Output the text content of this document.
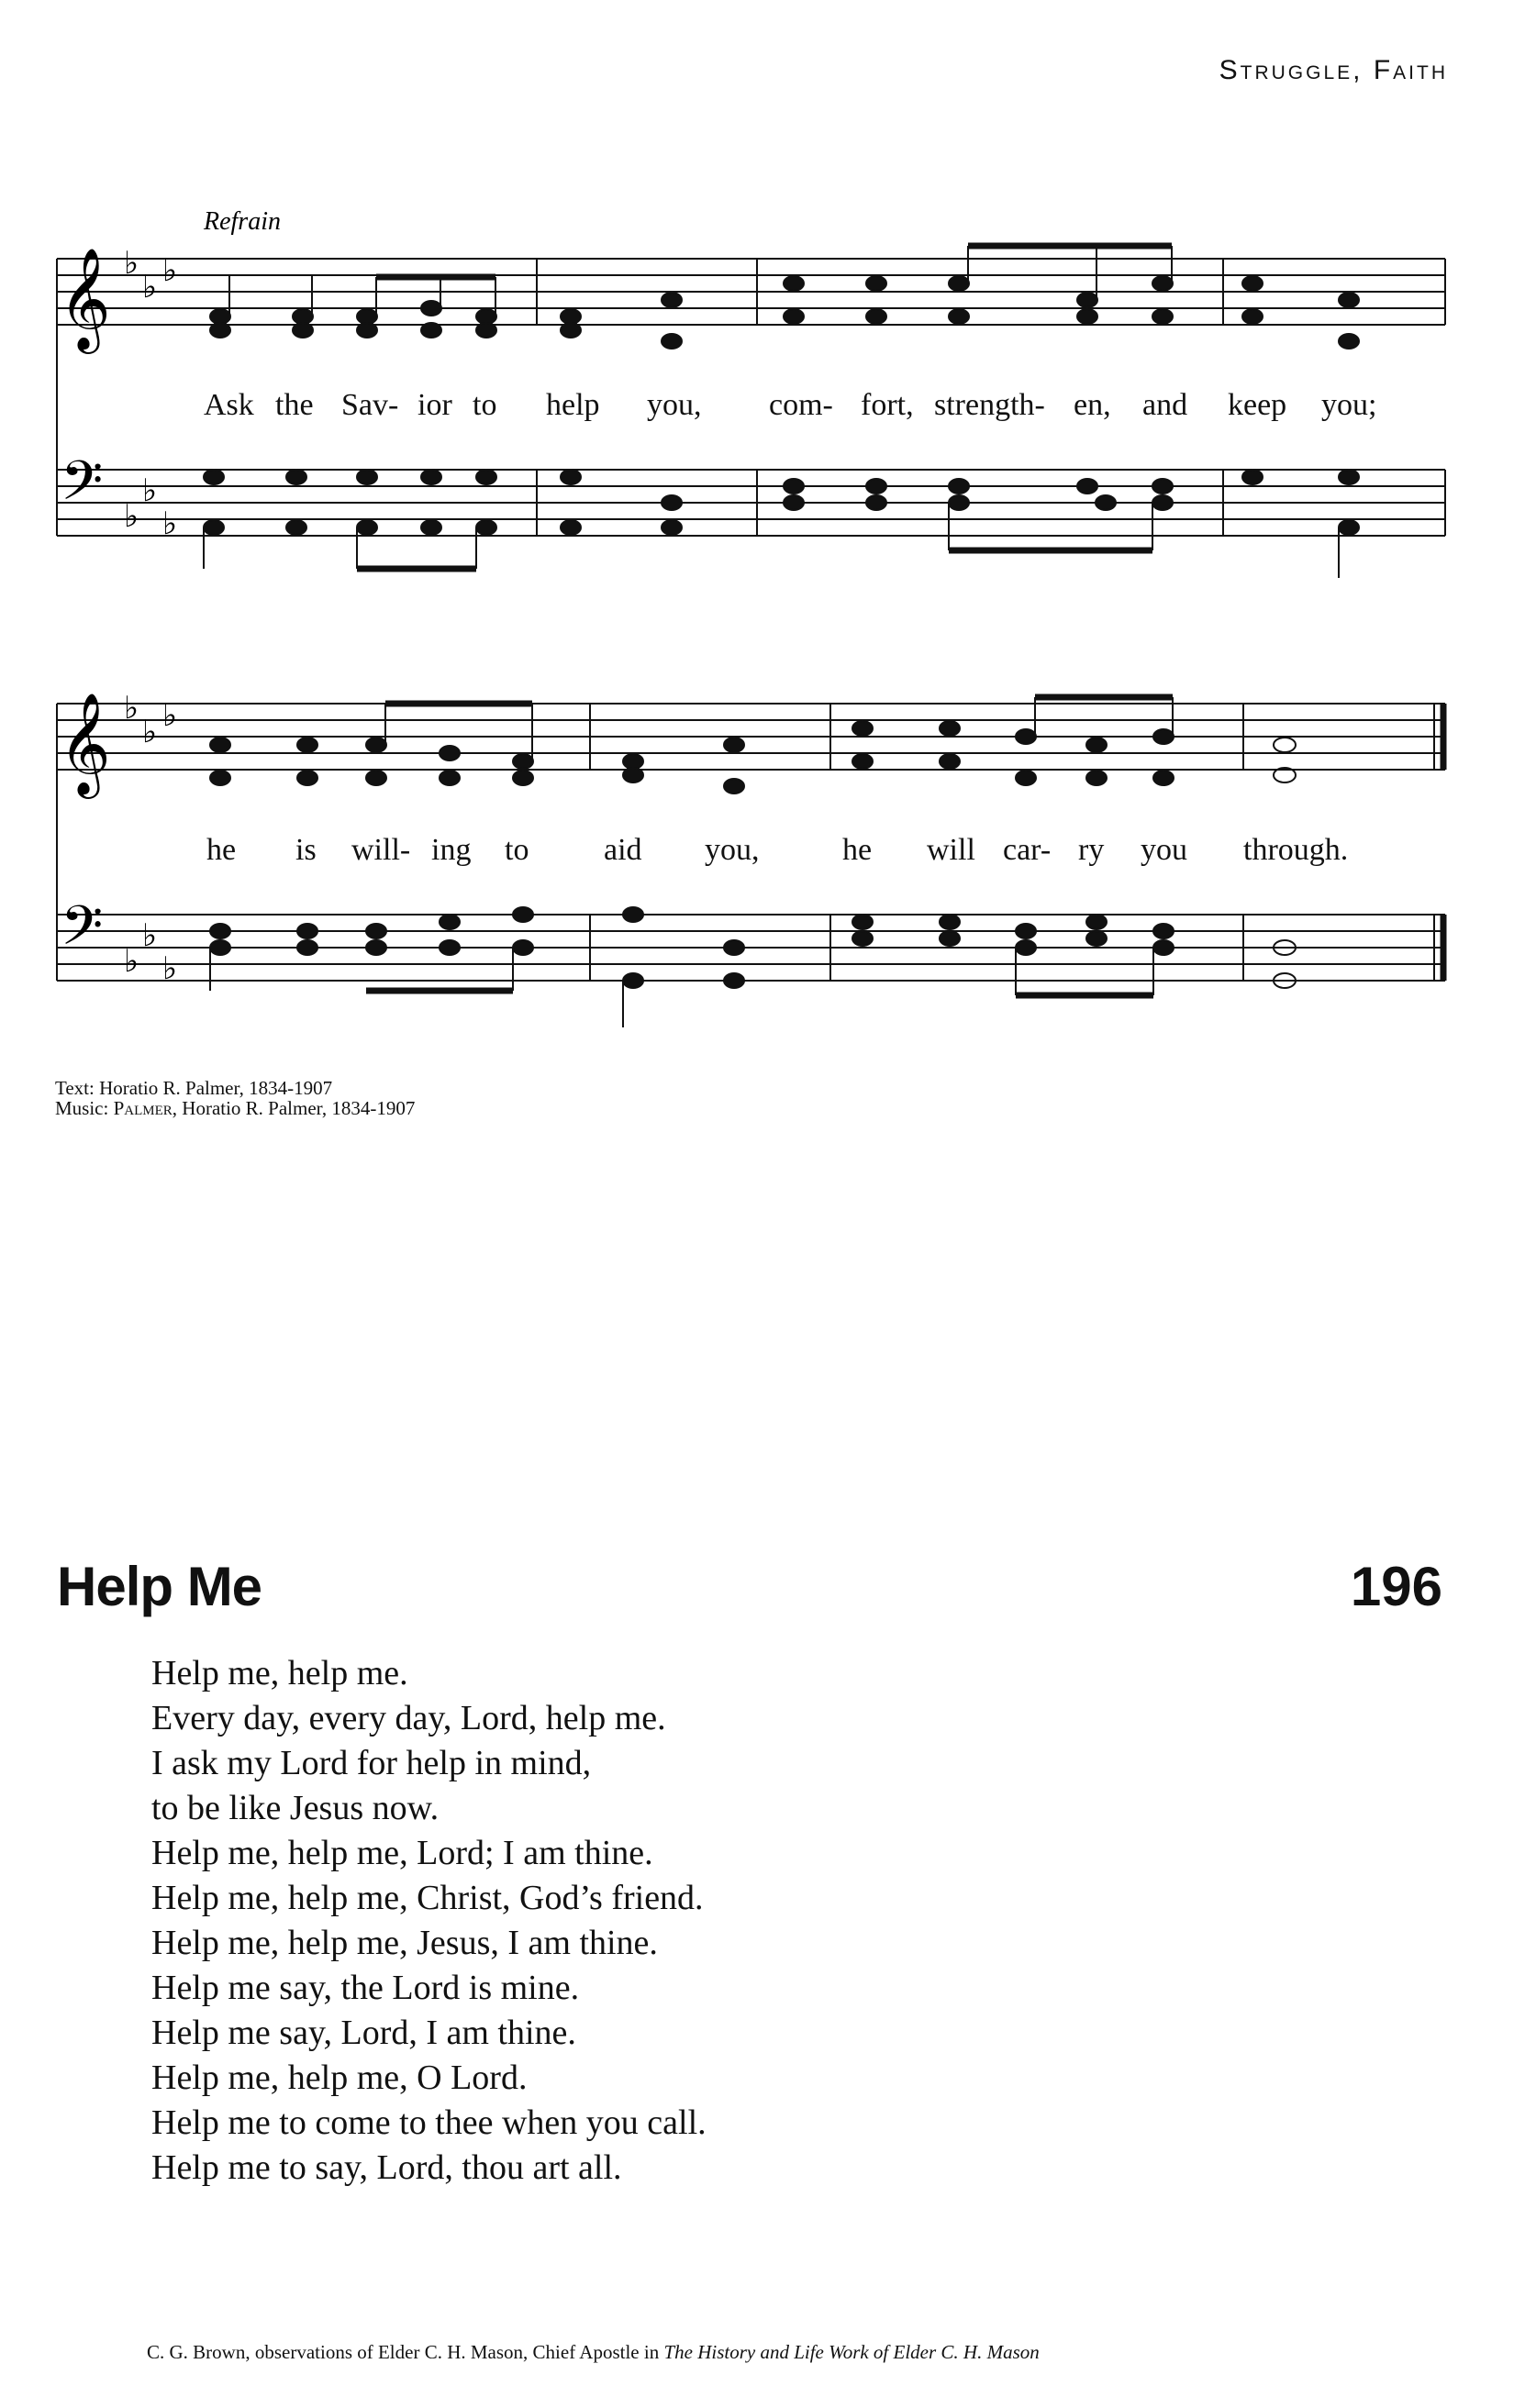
Struggle, Faith
Refrain
𝄞
𝄢
♭
♭ ♭
♭
♭
♭
Ask the Sav- ior to help you, com- fort, strength- en, and keep you;
𝄞
𝄢
♭
♭ ♭
♭
♭
♭
he is will- ing to aid you,	he will car- ry you through.
Text: Horatio R. Palmer, 1834-1907
Music: Palmer, Horatio R. Palmer, 1834-1907
Help Me	196
Help me, help me.
Every day, every day, Lord, help me.
I ask my Lord for help in mind,
to be like Jesus now.
Help me, help me, Lord; I am thine.
Help me, help me, Christ, God’s friend.
Help me, help me, Jesus, I am thine.
Help me say, the Lord is mine.
Help me say, Lord, I am thine.
Help me, help me, O Lord.
Help me to come to thee when you call.
Help me to say, Lord, thou art all.
C. G. Brown, observations of Elder C. H. Mason, Chief Apostle in The History and Life Work of Elder C. H. Mason
